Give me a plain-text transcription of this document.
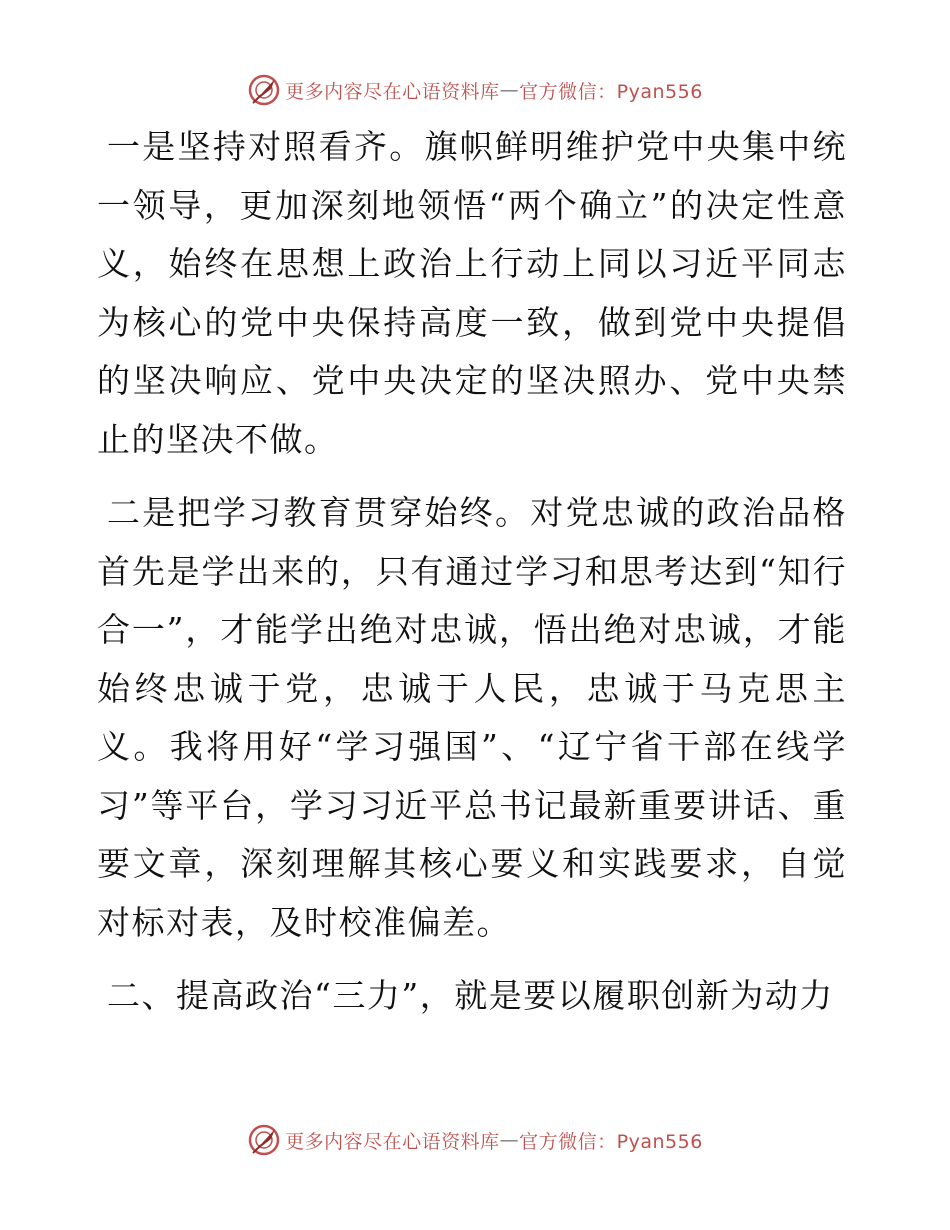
更多内容尽在心语资料库 — 官方微信：Pyan556

一是坚持对照看齐。旗帜鲜明维护党中央集中统一领导，更加深刻地领悟“两个确立”的决定性意义，始终在思想上政治上行动上同以习近平同志为核心的党中央保持高度一致，做到党中央提倡的坚决响应、党中央决定的坚决照办、党中央禁止的坚决不做。

二是把学习教育贯穿始终。对党忠诚的政治品格首先是学出来的，只有通过学习和思考达到“知行合一”，才能学出绝对忠诚，悟出绝对忠诚，才能始终忠诚于党，忠诚于人民，忠诚于马克思主义。我将用好“学习强国”、“辽宁省干部在线学习”等平台，学习习近平总书记最新重要讲话、重要文章，深刻理解其核心要义和实践要求，自觉对标对表，及时校准偏差。

二、提高政治“三力”，就是要以履职创新为动力

更多内容尽在心语资料库 — 官方微信：Pyan556
